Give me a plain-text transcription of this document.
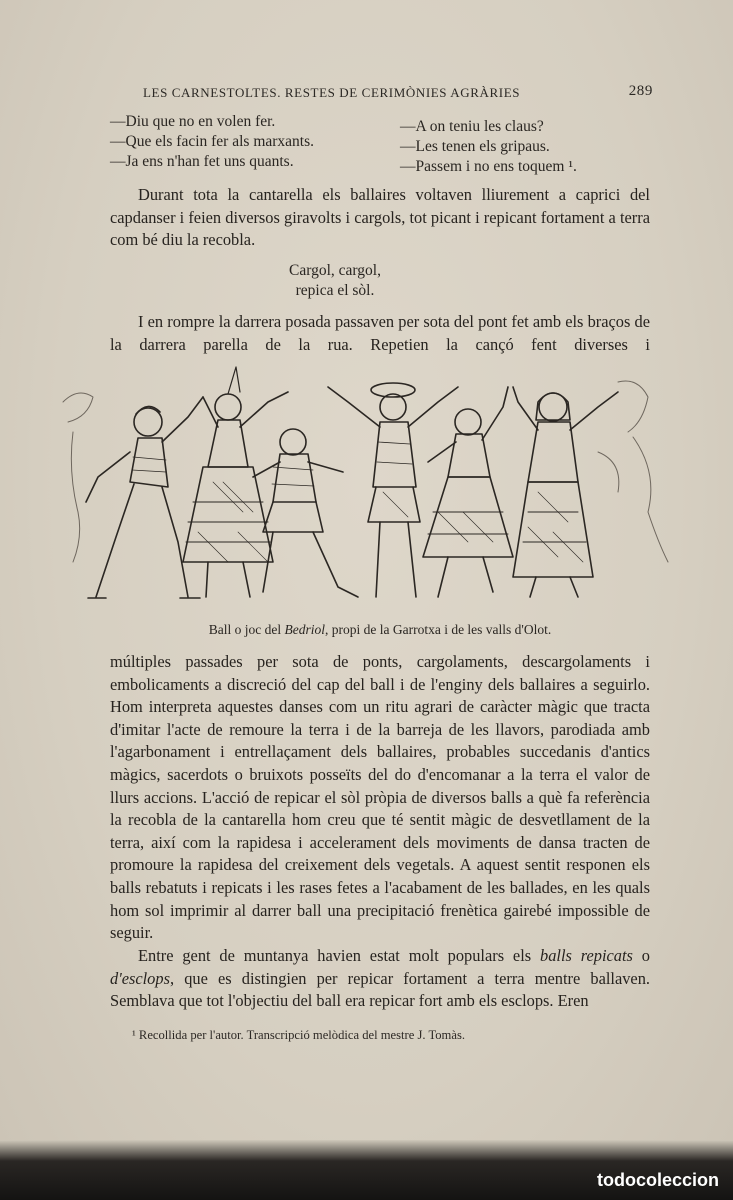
LES CARNESTOLTES. RESTES DE CERIMÒNIES AGRÀRIES	289
—Diu que no en volen fer.
—Que els facin fer als marxants.
—Ja ens n'han fet uns quants.
—A on teniu les claus?
—Les tenen els gripaus.
—Passem i no ens toquem ¹.

Durant tota la cantarella els ballaires voltaven lliurement a caprici del capdanser i feien diversos giravolts i cargols, tot picant i repicant fortament a terra com bé diu la recobla.

Cargol, cargol,
repica el sòl.

I en rompre la darrera posada passaven per sota del pont fet amb els braços de la darrera parella de la rua. Repetien la cançó fent diverses i

Ball o joc del Bedriol, propi de la Garrotxa i de les valls d'Olot.

múltiples passades per sota de ponts, cargolaments, descargolaments i embolicaments a discreció del cap del ball i de l'enginy dels ballaires a seguirlo. Hom interpreta aquestes danses com un ritu agrari de caràcter màgic que tracta d'imitar l'acte de remoure la terra i de la barreja de les llavors, parodiada amb l'agarbonament i entrellaçament dels ballaires, probables succedanis d'antics màgics, sacerdots o bruixots posseïts del do d'encomanar a la terra el valor de llurs accions. L'acció de repicar el sòl pròpia de diversos balls a què fa referència la recobla de la cantarella hom creu que té sentit màgic de desvetllament de la terra, així com la rapidesa i accelerament dels moviments de dansa tracten de promoure la rapidesa del creixement dels vegetals. A aquest sentit responen els balls rebatuts i repicats i les rases fetes a l'acabament de les ballades, en les quals hom sol imprimir al darrer ball una precipitació frenètica gairebé impossible de seguir.

Entre gent de muntanya havien estat molt populars els balls repicats o d'esclops, que es distingien per repicar fortament a terra mentre ballaven. Semblava que tot l'objectiu del ball era repicar fort amb els esclops. Eren

¹ Recollida per l'autor. Transcripció melòdica del mestre J. Tomàs.
todocoleccion
